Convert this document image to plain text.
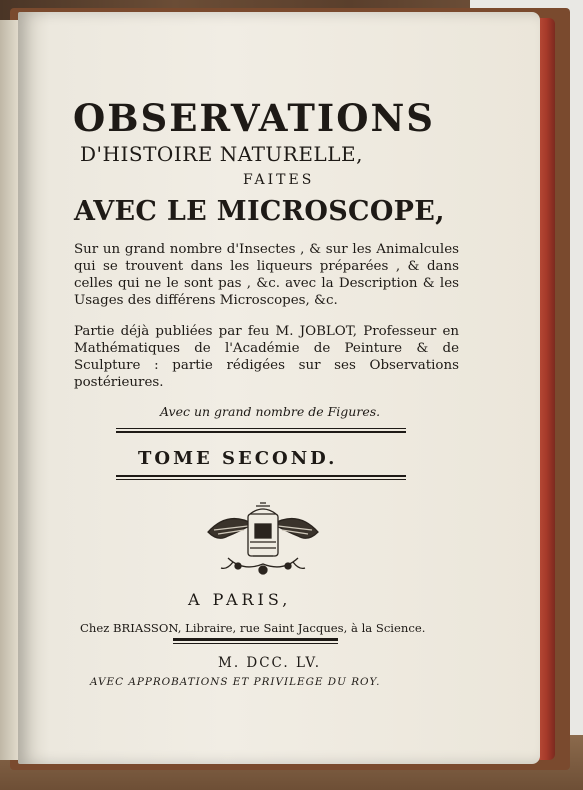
OBSERVATIONS
D'HISTOIRE NATURELLE,
FAITES
AVEC LE MICROSCOPE,
Sur un grand nombre d'Insectes , & sur les Animalcules qui se trouvent dans les liqueurs préparées , & dans celles qui ne le sont pas , &c. avec la Description & les Usages des différens Microscopes, &c.
Partie déjà publiées par feu M. JOBLOT, Professeur en Mathématiques de l'Académie de Peinture & de Sculpture : partie rédigées sur ses Observations postérieures.
Avec un grand nombre de Figures.
TOME SECOND.
A PARIS,
Chez BRIASSON, Libraire, rue Saint Jacques, à la Science.
M. DCC. LV.
AVEC APPROBATIONS ET PRIVILEGE DU ROY.
